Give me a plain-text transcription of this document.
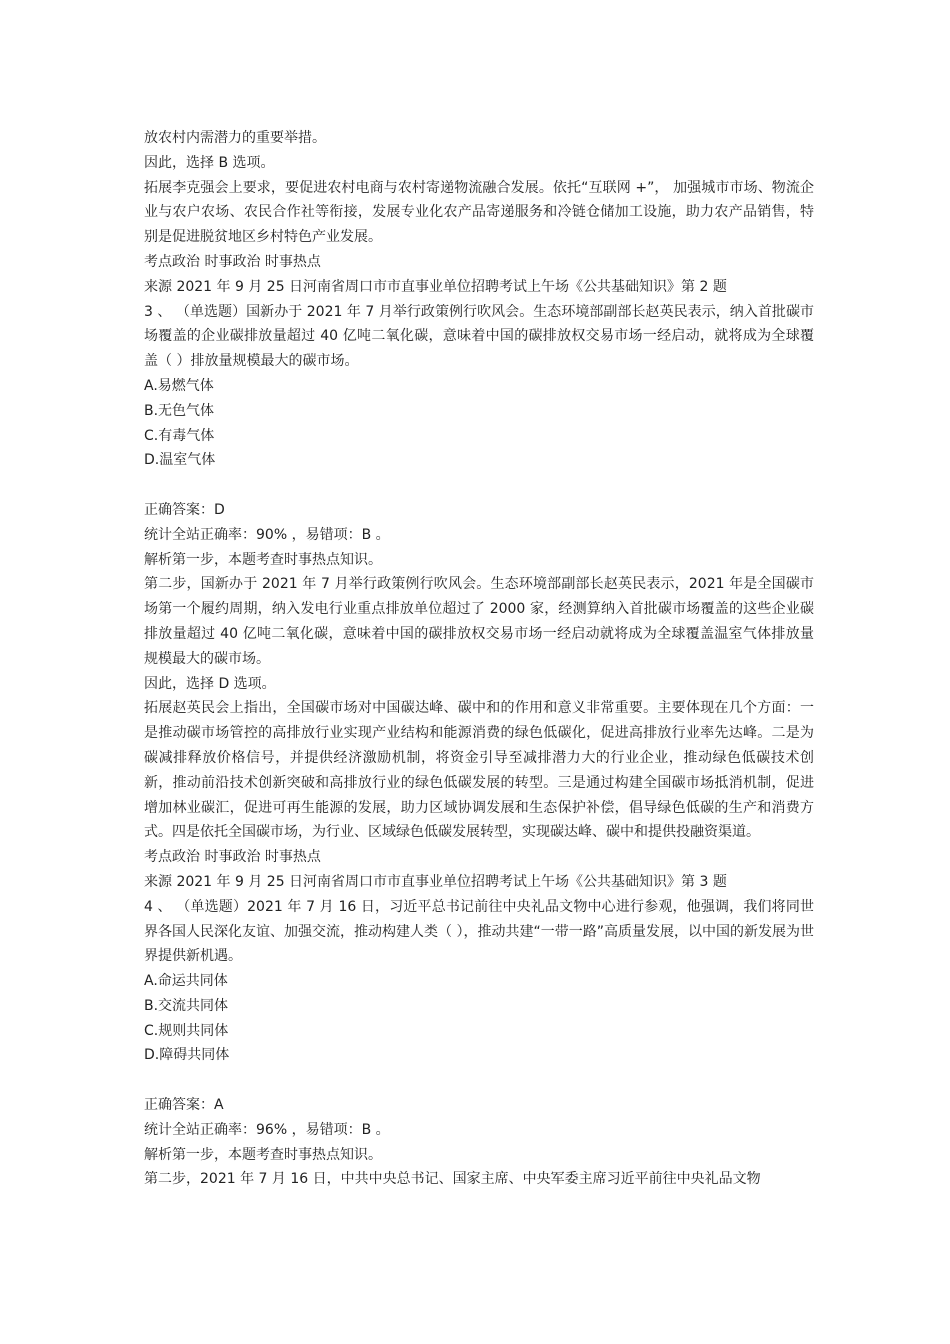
放农村内需潜力的重要举措。

因此，选择 B 选项。

拓展李克强会上要求，要促进农村电商与农村寄递物流融合发展。依托“互联网 +”， 加强城市市场、物流企业与农户农场、农民合作社等衔接，发展专业化农产品寄递服务和冷链仓储加工设施，助力农产品销售，特别是促进脱贫地区乡村特色产业发展。

考点政治 时事政治 时事热点

来源 2021 年 9 月 25 日河南省周口市市直事业单位招聘考试上午场《公共基础知识》第 2 题

3 、 （单选题）国新办于 2021 年 7 月举行政策例行吹风会。生态环境部副部长赵英民表示，纳入首批碳市场覆盖的企业碳排放量超过 40 亿吨二氧化碳，意味着中国的碳排放权交易市场一经启动，就将成为全球覆盖（ ）排放量规模最大的碳市场。

A.易燃气体

B.无色气体

C.有毒气体

D.温室气体

正确答案：D

统计全站正确率：90% ，易错项：B 。

解析第一步，本题考查时事热点知识。

第二步，国新办于 2021 年 7 月举行政策例行吹风会。生态环境部副部长赵英民表示，2021 年是全国碳市场第一个履约周期，纳入发电行业重点排放单位超过了 2000 家，经测算纳入首批碳市场覆盖的这些企业碳排放量超过 40 亿吨二氧化碳，意味着中国的碳排放权交易市场一经启动就将成为全球覆盖温室气体排放量规模最大的碳市场。

因此，选择 D 选项。

拓展赵英民会上指出，全国碳市场对中国碳达峰、碳中和的作用和意义非常重要。主要体现在几个方面：一是推动碳市场管控的高排放行业实现产业结构和能源消费的绿色低碳化，促进高排放行业率先达峰。二是为碳减排释放价格信号，并提供经济激励机制，将资金引导至减排潜力大的行业企业，推动绿色低碳技术创新，推动前沿技术创新突破和高排放行业的绿色低碳发展的转型。三是通过构建全国碳市场抵消机制，促进增加林业碳汇，促进可再生能源的发展，助力区域协调发展和生态保护补偿，倡导绿色低碳的生产和消费方式。四是依托全国碳市场，为行业、区域绿色低碳发展转型，实现碳达峰、碳中和提供投融资渠道。

考点政治 时事政治 时事热点

来源 2021 年 9 月 25 日河南省周口市市直事业单位招聘考试上午场《公共基础知识》第 3 题

4 、 （单选题）2021 年 7 月 16 日，习近平总书记前往中央礼品文物中心进行参观，他强调，我们将同世界各国人民深化友谊、加强交流，推动构建人类（ ），推动共建“一带一路”高质量发展，以中国的新发展为世界提供新机遇。

A.命运共同体

B.交流共同体

C.规则共同体

D.障碍共同体

正确答案：A

统计全站正确率：96% ，易错项：B 。

解析第一步，本题考查时事热点知识。

第二步，2021 年 7 月 16 日，中共中央总书记、国家主席、中央军委主席习近平前往中央礼品文物
